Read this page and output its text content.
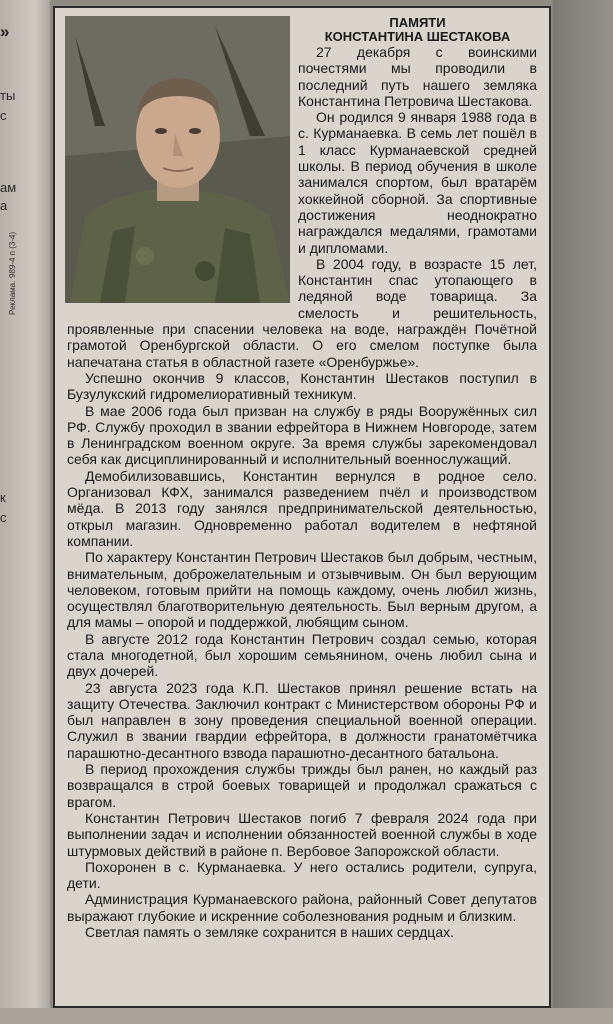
»
ты
с
ам
а
к
с
Реклама. 989-4 п (3-4)
ПАМЯТИ
КОНСТАНТИНА ШЕСТАКОВА

27 декабря с воинскими почестями мы проводили в последний путь нашего земляка Константина Петровича Шестакова.

Он родился 9 января 1988 года в с. Курманаевка. В семь лет пошёл в 1 класс Курманаевской средней школы. В период обучения в школе занимался спортом, был вратарём хоккейной сборной. За спортивные достижения неоднократно награждался медалями, грамотами и дипломами.

В 2004 году, в возрасте 15 лет, Константин спас утопающего в ледяной воде товарища. За смелость и решительность, проявленные при спасении человека на воде, награждён Почётной грамотой Оренбургской области. О его смелом поступке была напечатана статья в областной газете «Оренбуржье».

Успешно окончив 9 классов, Константин Шестаков поступил в Бузулукский гидромелиоративный техникум.

В мае 2006 года был призван на службу в ряды Вооружённых сил РФ. Службу проходил в звании ефрейтора в Нижнем Новгороде, затем в Ленинградском военном округе. За время службы зарекомендовал себя как дисциплинированный и исполнительный военнослужащий.

Демобилизовавшись, Константин вернулся в родное село. Организовал КФХ, занимался разведением пчёл и производством мёда. В 2013 году занялся предпринимательской деятельностью, открыл магазин. Одновременно работал водителем в нефтяной компании.

По характеру Константин Петрович Шестаков был добрым, честным, внимательным, доброжелательным и отзывчивым. Он был верующим человеком, готовым прийти на помощь каждому, очень любил жизнь, осуществлял благотворительную деятельность. Был верным другом, а для мамы – опорой и поддержкой, любящим сыном.

В августе 2012 года Константин Петрович создал семью, которая стала многодетной, был хорошим семьянином, очень любил сына и двух дочерей.

23 августа 2023 года К.П. Шестаков принял решение встать на защиту Отечества. Заключил контракт с Министерством обороны РФ и был направлен в зону проведения специальной военной операции. Служил в звании гвардии ефрейтора, в должности гранатомётчика парашютно-десантного взвода парашютно-десантного батальона.

В период прохождения службы трижды был ранен, но каждый раз возвращался в строй боевых товарищей и продолжал сражаться с врагом.

Константин Петрович Шестаков погиб 7 февраля 2024 года при выполнении задач и исполнении обязанностей военной службы в ходе штурмовых действий в районе п. Вербовое Запорожской области.

Похоронен в с. Курманаевка. У него остались родители, супруга, дети.

Администрация Курманаевского района, районный Совет депутатов выражают глубокие и искренние соболезнования родным и близким.

Светлая память о земляке сохранится в наших сердцах.
